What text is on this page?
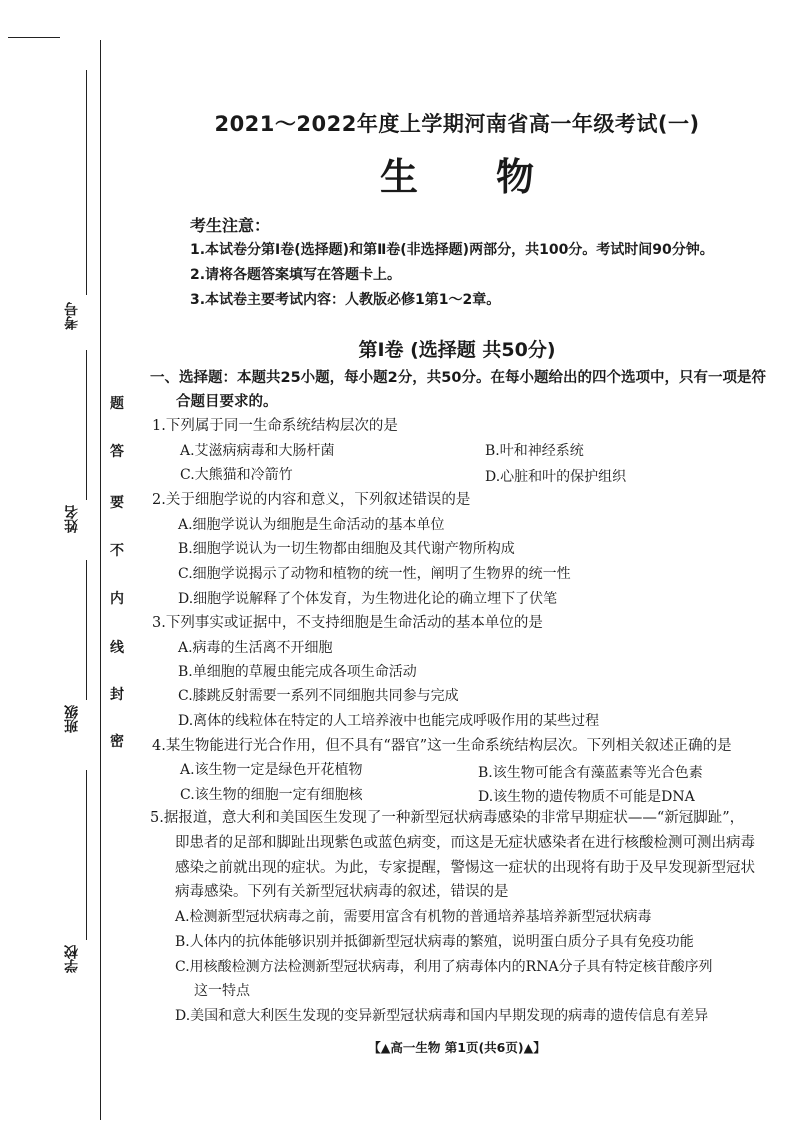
考号
姓名
班级
学校
题
答
要
不
内
线
封
密
2021～2022年度上学期河南省高一年级考试(一)
生物
考生注意：
1.本试卷分第Ⅰ卷(选择题)和第Ⅱ卷(非选择题)两部分，共100分。考试时间90分钟。
2.请将各题答案填写在答题卡上。
3.本试卷主要考试内容：人教版必修1第1～2章。
第Ⅰ卷 (选择题 共50分)
一、选择题：本题共25小题，每小题2分，共50分。在每小题给出的四个选项中，只有一项是符
合题目要求的。
1.下列属于同一生命系统结构层次的是
A.艾滋病病毒和大肠杆菌	B.叶和神经系统
C.大熊猫和冷箭竹	D.心脏和叶的保护组织
2.关于细胞学说的内容和意义，下列叙述错误的是
A.细胞学说认为细胞是生命活动的基本单位
B.细胞学说认为一切生物都由细胞及其代谢产物所构成
C.细胞学说揭示了动物和植物的统一性，阐明了生物界的统一性
D.细胞学说解释了个体发育，为生物进化论的确立埋下了伏笔
3.下列事实或证据中，不支持细胞是生命活动的基本单位的是
A.病毒的生活离不开细胞
B.单细胞的草履虫能完成各项生命活动
C.膝跳反射需要一系列不同细胞共同参与完成
D.离体的线粒体在特定的人工培养液中也能完成呼吸作用的某些过程
4.某生物能进行光合作用，但不具有“器官”这一生命系统结构层次。下列相关叙述正确的是
A.该生物一定是绿色开花植物	B.该生物可能含有藻蓝素等光合色素
C.该生物的细胞一定有细胞核	D.该生物的遗传物质不可能是DNA
5.据报道，意大利和美国医生发现了一种新型冠状病毒感染的非常早期症状——“新冠脚趾”，
即患者的足部和脚趾出现紫色或蓝色病变，而这是无症状感染者在进行核酸检测可测出病毒
感染之前就出现的症状。为此，专家提醒，警惕这一症状的出现将有助于及早发现新型冠状
病毒感染。下列有关新型冠状病毒的叙述，错误的是
A.检测新型冠状病毒之前，需要用富含有机物的普通培养基培养新型冠状病毒
B.人体内的抗体能够识别并抵御新型冠状病毒的繁殖，说明蛋白质分子具有免疫功能
C.用核酸检测方法检测新型冠状病毒，利用了病毒体内的RNA分子具有特定核苷酸序列
这一特点
D.美国和意大利医生发现的变异新型冠状病毒和国内早期发现的病毒的遗传信息有差异
【▲高一生物 第1页(共6页)▲】
